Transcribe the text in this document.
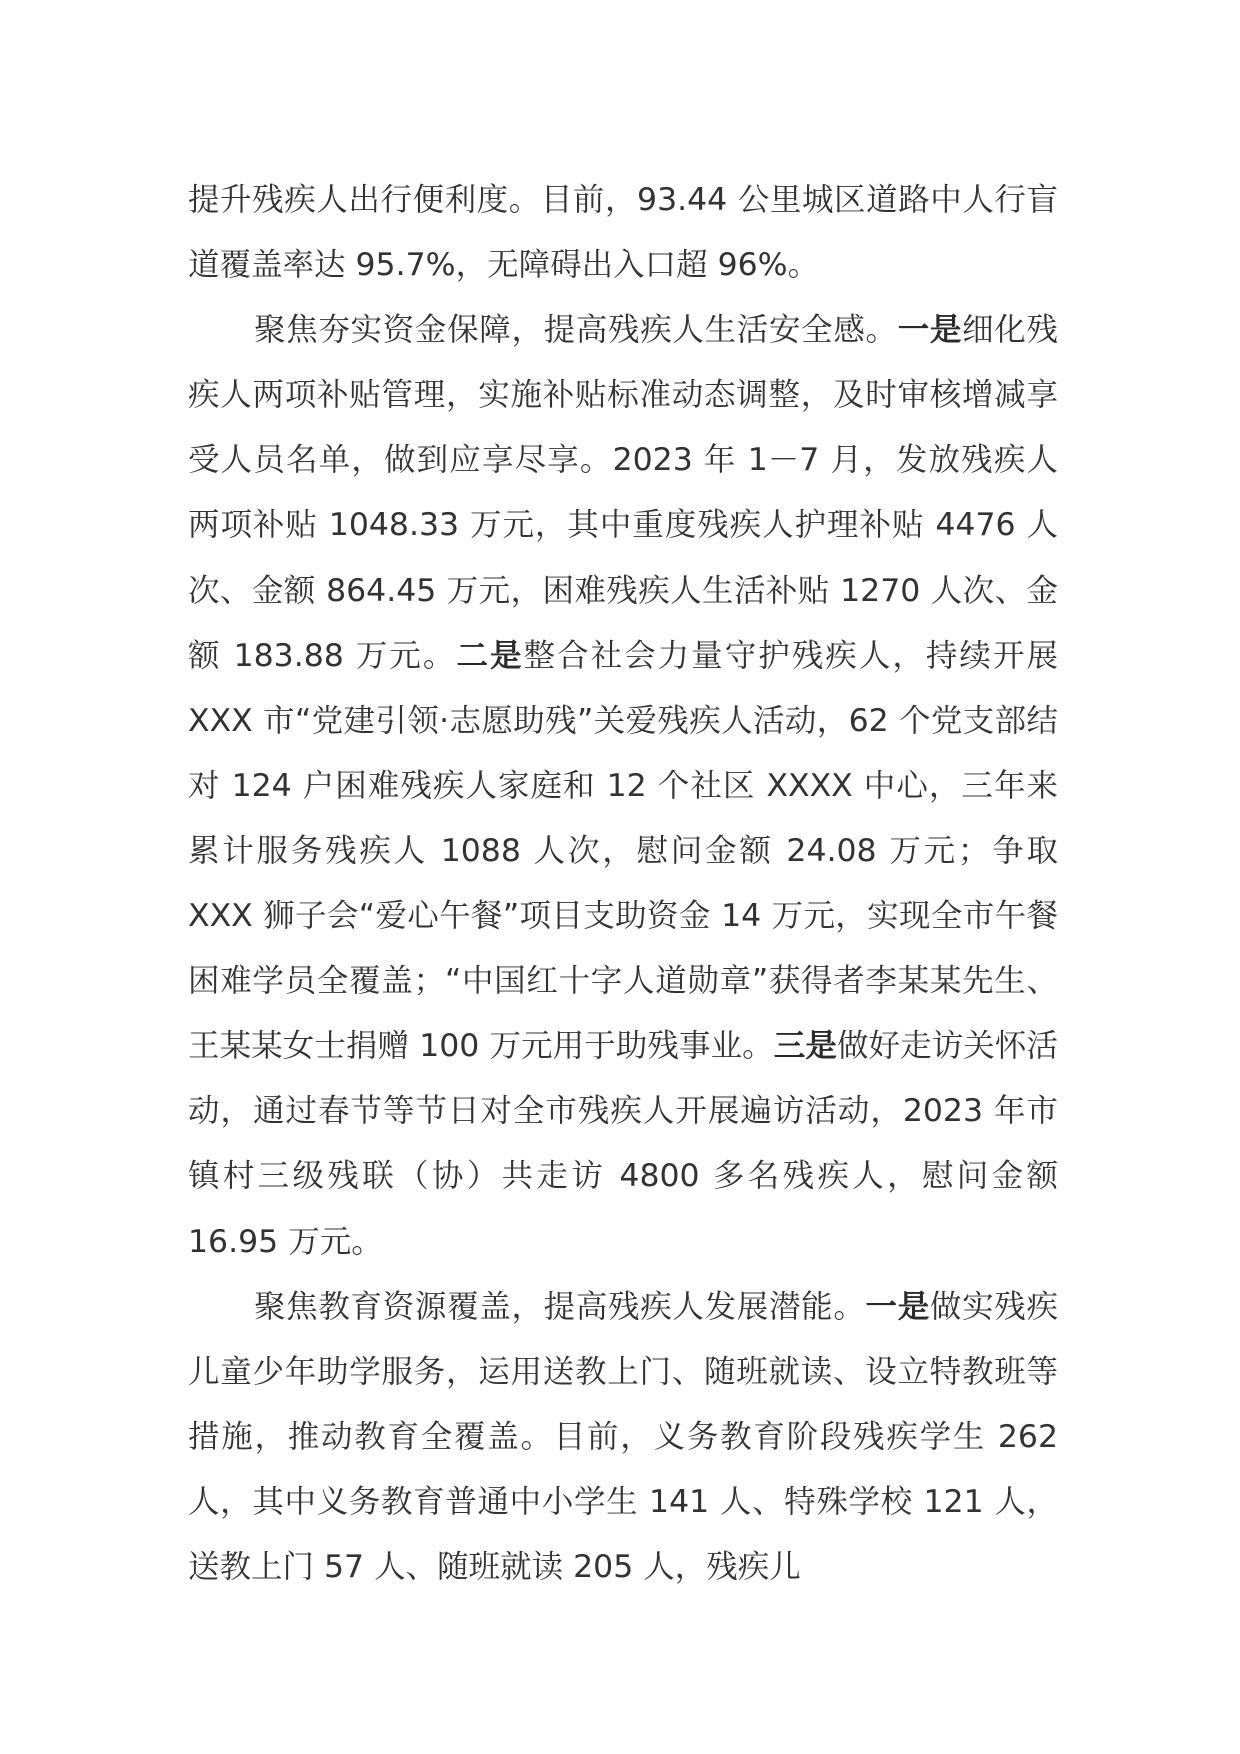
提升残疾人出行便利度。目前，93.44 公里城区道路中人行盲道覆盖率达 95.7%，无障碍出入口超 96%。

聚焦夯实资金保障，提高残疾人生活安全感。一是细化残疾人两项补贴管理，实施补贴标准动态调整，及时审核增减享受人员名单，做到应享尽享。2023 年 1－7 月，发放残疾人两项补贴 1048.33 万元，其中重度残疾人护理补贴 4476 人次、金额 864.45 万元，困难残疾人生活补贴 1270 人次、金额 183.88 万元。二是整合社会力量守护残疾人，持续开展 XXX 市“党建引领·志愿助残”关爱残疾人活动，62 个党支部结对 124 户困难残疾人家庭和 12 个社区 XXXX 中心，三年来累计服务残疾人 1088 人次，慰问金额 24.08 万元；争取 XXX 狮子会“爱心午餐”项目支助资金 14 万元，实现全市午餐困难学员全覆盖；“中国红十字人道勋章”获得者李某某先生、王某某女士捐赠 100 万元用于助残事业。三是做好走访关怀活动，通过春节等节日对全市残疾人开展遍访活动，2023 年市镇村三级残联（协）共走访 4800 多名残疾人，慰问金额 16.95 万元。

聚焦教育资源覆盖，提高残疾人发展潜能。一是做实残疾儿童少年助学服务，运用送教上门、随班就读、设立特教班等措施，推动教育全覆盖。目前，义务教育阶段残疾学生 262 人，其中义务教育普通中小学生 141 人、特殊学校 121 人，送教上门 57 人、随班就读 205 人，残疾儿
